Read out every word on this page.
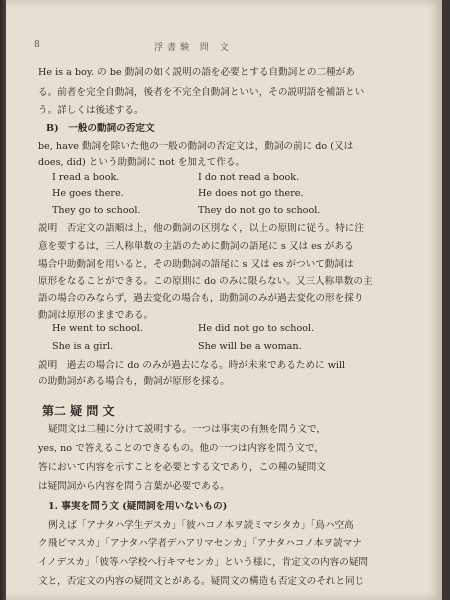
8	浮書験 問 文
He is a boy. の be 動詞の如く説明の語を必要とする自動詞との二種があ
る。前者を完全自動詞，後者を不完全自動詞といい，その説明語を補語とい
う。詳しくは後述する。
B)　一般の動詞の否定文
be, have 動詞を除いた他の一般の動詞の否定文は，動詞の前に do (又は
does, did) という助動詞に not を加えて作る。
I read a book.	I do not read a book.
He goes there.	He does not go there.
They go to school.	They do not go to school.
説明　否定文の語順は上，他の動詞の区別なく，以上の原則に従う。特に注
意を要するは，三人称単数の主語のために動詞の語尾に s 又は es がある
場合中助動詞を用いると，その助動詞の語尾に s 又は es がついて動詞は
原形をなることができる。この原則に do のみに限らない。又三人称単数の主
語の場合のみならず，過去変化の場合も，助動詞のみが過去変化の形を採り
動詞は原形のままである。
He went to school.	He did not go to school.
She is a girl.	She will be a woman.
説明　過去の場合に do のみが過去になる。時が未来であるために will
の助動詞がある場合も，動詞が原形を採る。
第二 疑 問 文
疑問文は二種に分けて説明する。一つは事実の有無を問う文で，
yes, no で答えることのできるもの。他の一つは内容を問う文で，
答において内容を示すことを必要とする文であり，この種の疑問文
は疑問詞から内容を問う言葉が必要である。
1. 事実を問う文 (疑問詞を用いないもの)
例えば「アナタハ学生デスカ」「彼ハコノ本ヲ読ミマシタカ」「鳥ハ空高
ク飛ビマスカ」「アナタハ学者デハアリマセンカ」「アナタハコノ本ヲ読マナ
イノデスカ」「彼等ハ学校ヘ行キマセンカ」という様に，肯定文の内容の疑問
文と，否定文の内容の疑問文とがある。疑問文の構造も否定文のそれと同じ
